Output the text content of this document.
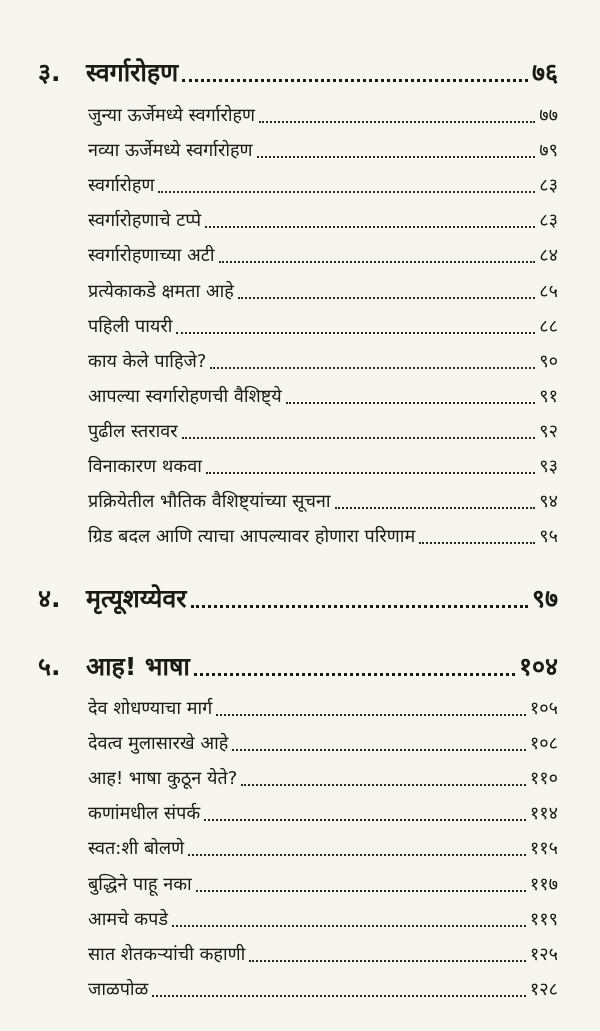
३.	स्वर्गारोहण	७६
जुन्या ऊर्जेमध्ये स्वर्गारोहण	७७
नव्या ऊर्जेमध्ये स्वर्गारोहण	७९
स्वर्गारोहण	८३
स्वर्गारोहणाचे टप्पे	८३
स्वर्गारोहणाच्या अटी	८४
प्रत्येकाकडे क्षमता आहे	८५
पहिली पायरी	८८
काय केले पाहिजे?	९०
आपल्या स्वर्गारोहणची वैशिष्ट्ये	९१
पुढील स्तरावर	९२
विनाकारण थकवा	९३
प्रक्रियेतील भौतिक वैशिष्ट्यांच्या सूचना	९४
ग्रिड बदल आणि त्याचा आपल्यावर होणारा परिणाम	९५
४.	मृत्यूशय्येवर	९७
५.	आह! भाषा	१०४
देव शोधण्याचा मार्ग	१०५
देवत्व मुलासारखे आहे	१०८
आह! भाषा कुठून येते?	११०
कणांमधील संपर्क	११४
स्वत:शी बोलणे	११५
बुद्धिने पाहू नका	११७
आमचे कपडे	११९
सात शेतकऱ्यांची कहाणी	१२५
जाळपोळ	१२८
